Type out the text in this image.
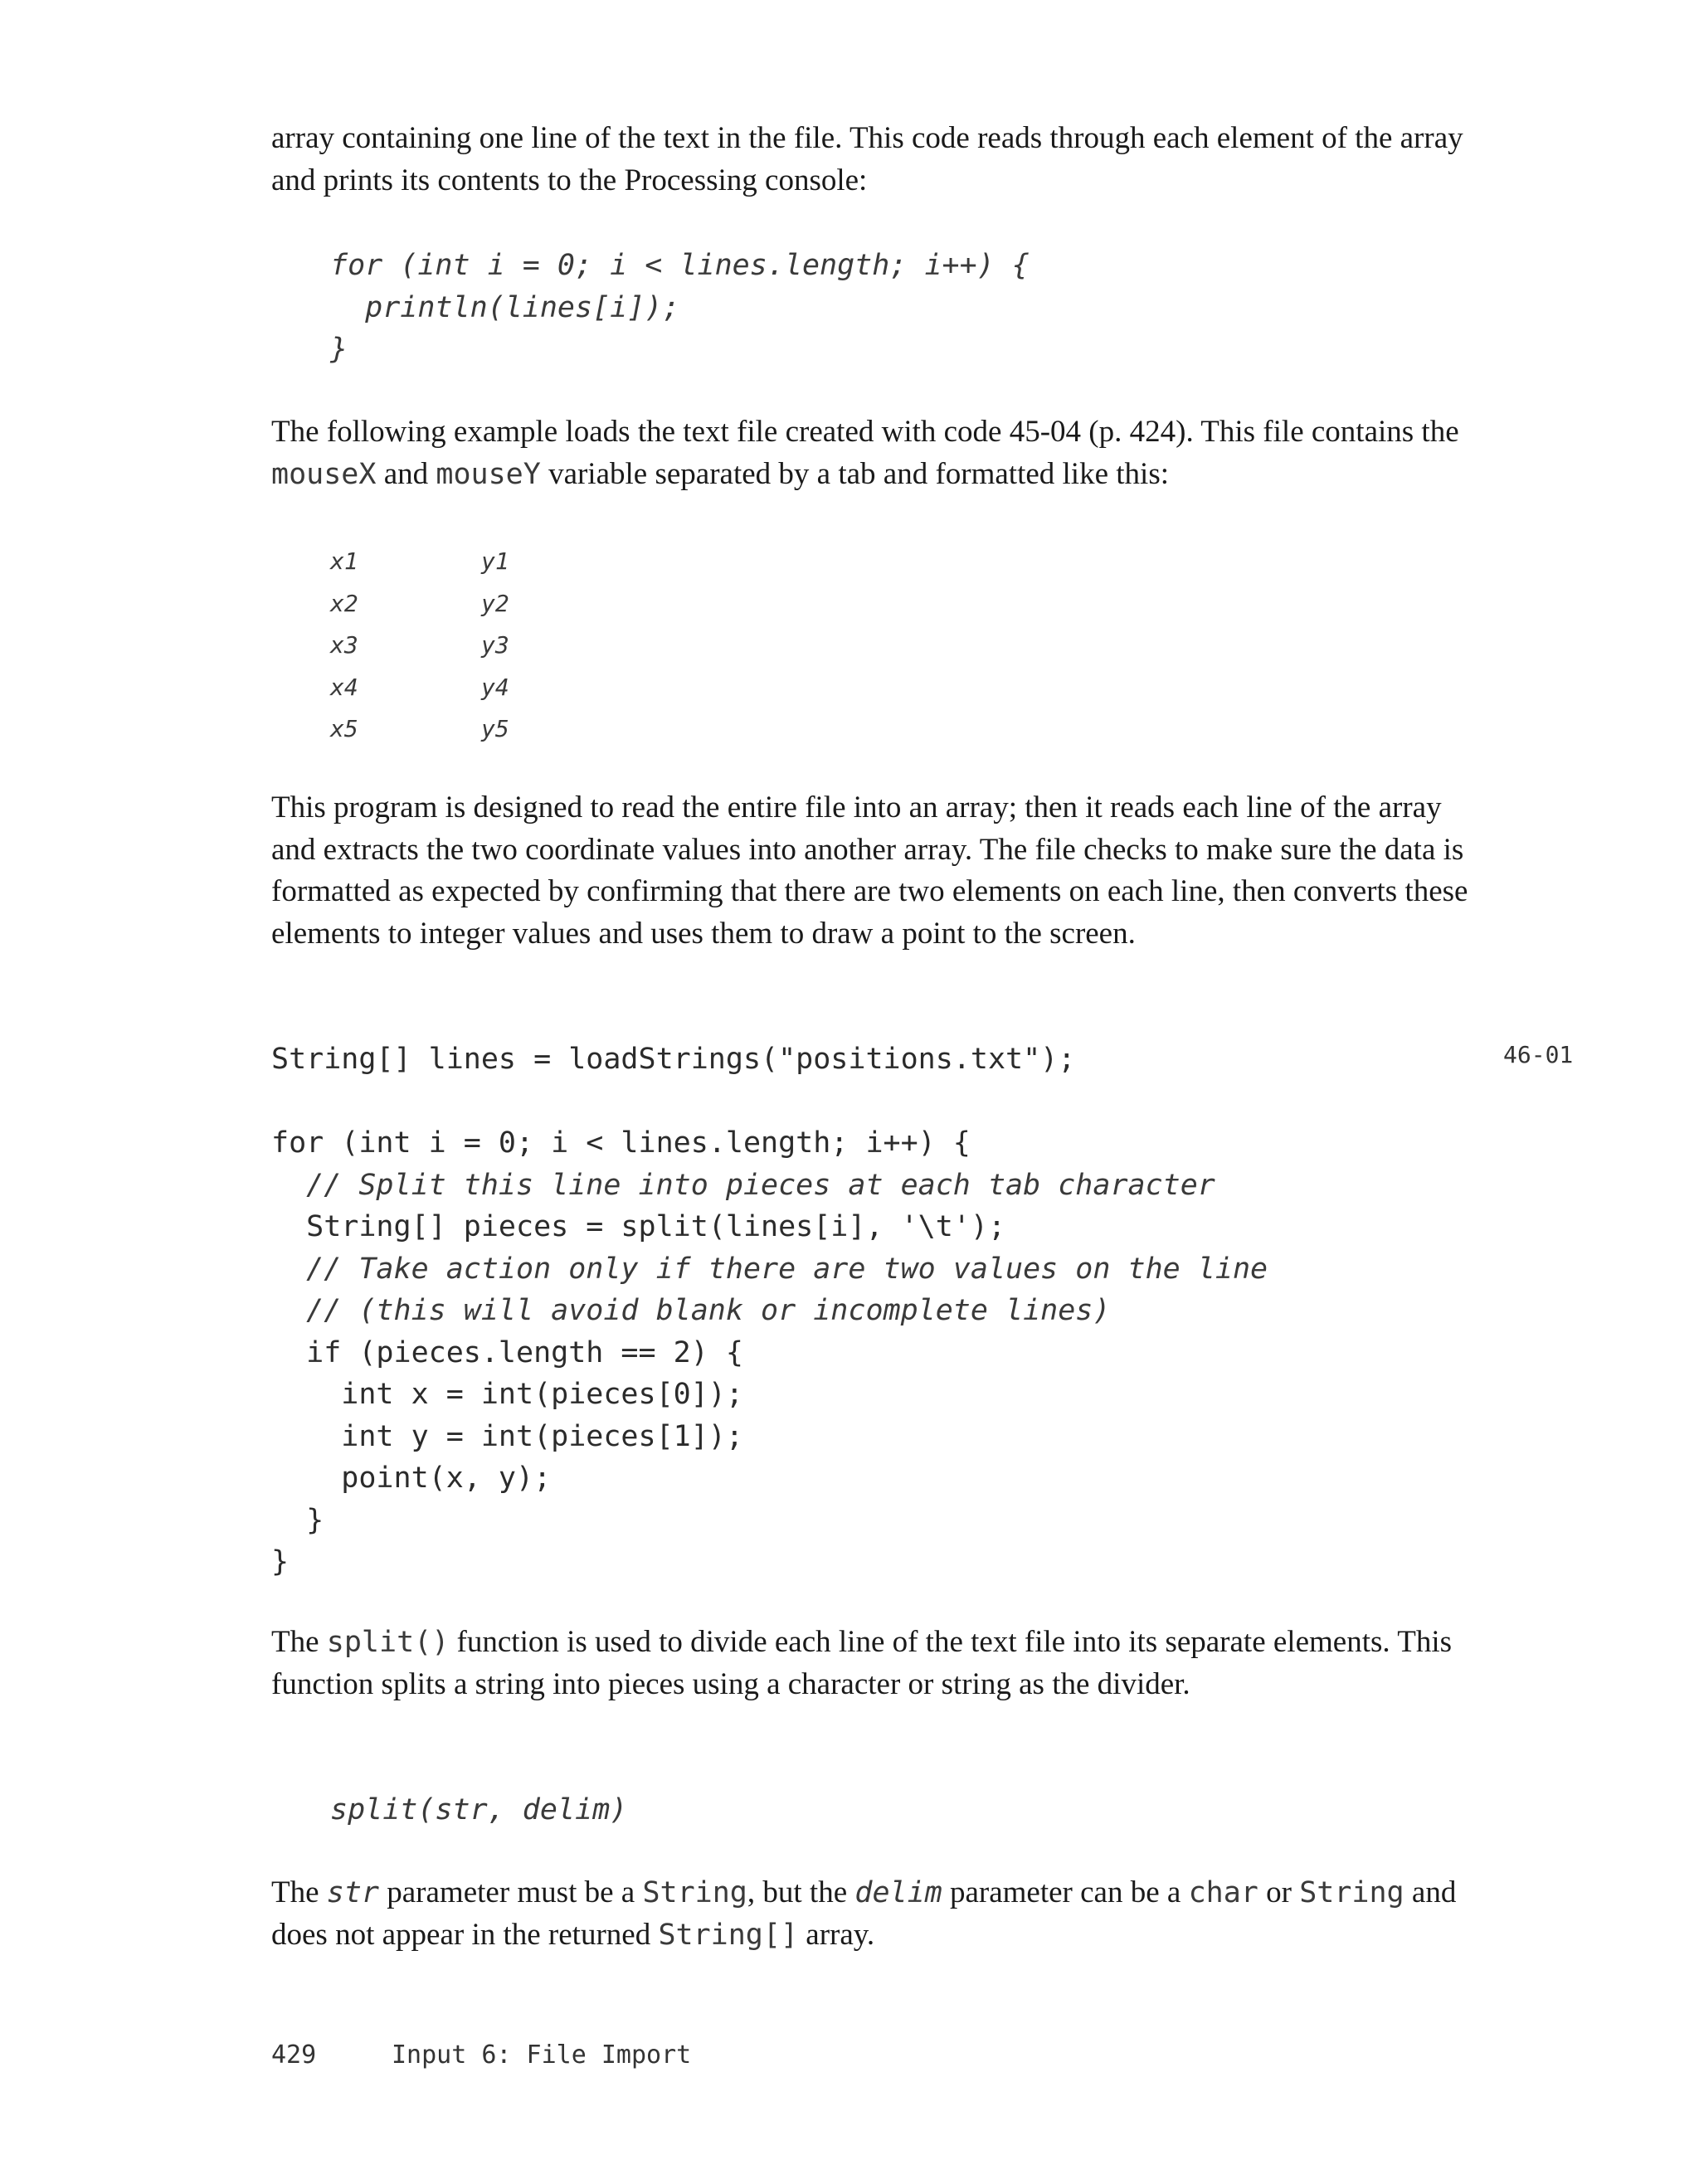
array containing one line of the text in the file. This code reads through each element of the array and prints its contents to the Processing console:

for (int i = 0; i < lines.length; i++) {
println(lines[i]);
}

The following example loads the text file created with code 45-04 (p. 424). This file contains the mouseX and mouseY variable separated by a tab and formatted like this:

x1	y1
x2	y2
x3	y3
x4	y4
x5	y5

This program is designed to read the entire file into an array; then it reads each line of the array and extracts the two coordinate values into another array. The file checks to make sure the data is formatted as expected by confirming that there are two elements on each line, then converts these elements to integer values and uses them to draw a point to the screen.

46-01
String[] lines = loadStrings("positions.txt");

for (int i = 0; i < lines.length; i++) {
// Split this line into pieces at each tab character
String[] pieces = split(lines[i], '\t');
// Take action only if there are two values on the line
// (this will avoid blank or incomplete lines)
if (pieces.length == 2) {
int x = int(pieces[0]);
int y = int(pieces[1]);
point(x, y);
}
}

The split() function is used to divide each line of the text file into its separate elements. This function splits a string into pieces using a character or string as the divider.

split(str, delim)

The str parameter must be a String, but the delim parameter can be a char or String and does not appear in the returned String[] array.

429	Input 6: File Import
